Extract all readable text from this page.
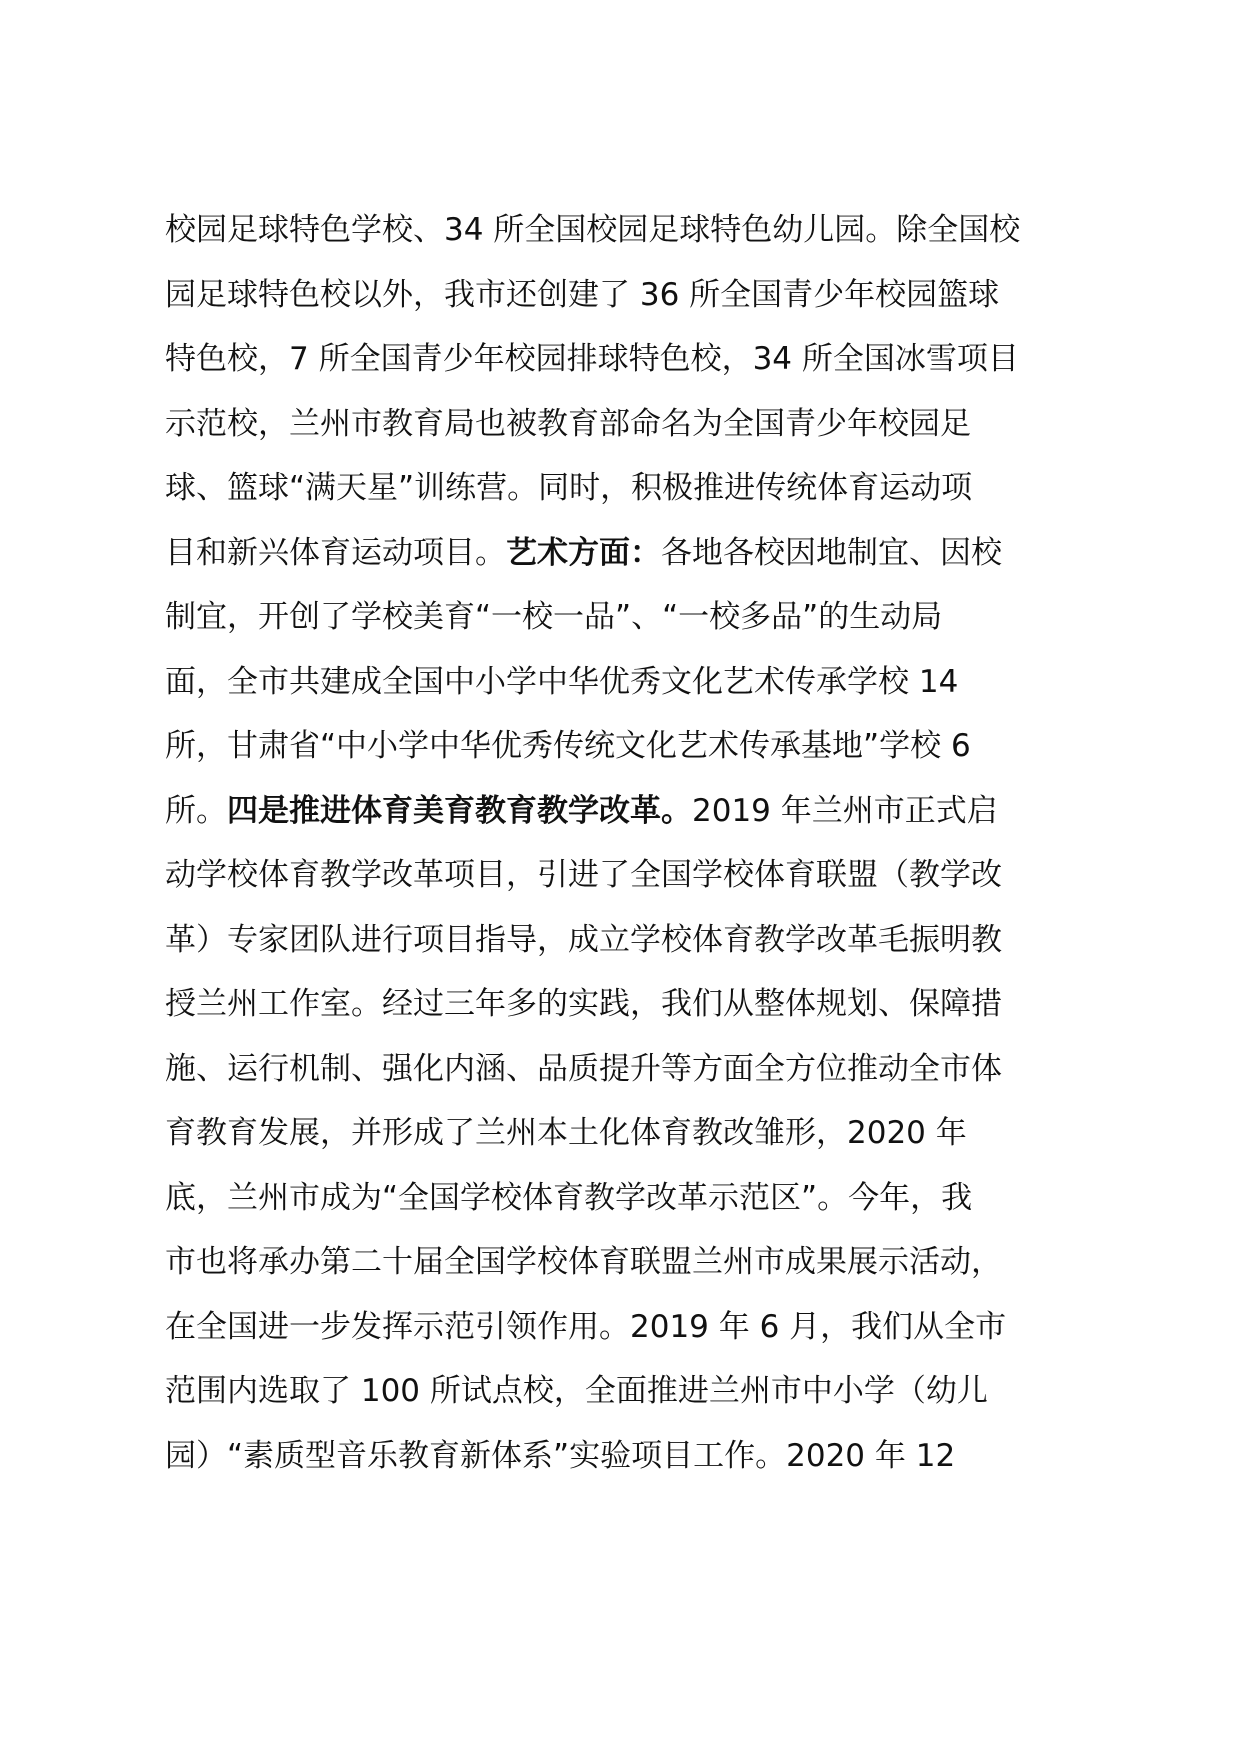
校园足球特色学校、34 所全国校园足球特色幼儿园。除全国校
园足球特色校以外，我市还创建了 36 所全国青少年校园篮球
特色校，7 所全国青少年校园排球特色校，34 所全国冰雪项目
示范校，兰州市教育局也被教育部命名为全国青少年校园足
球、篮球“满天星”训练营。同时，积极推进传统体育运动项
目和新兴体育运动项目。 艺术方面： 各地各校因地制宜、因校
制宜，开创了学校美育“一校一品”、“一校多品”的生动局
面，全市共建成全国中小学中华优秀文化艺术传承学校 14
所，甘肃省“中小学中华优秀传统文化艺术传承基地”学校 6
所。 四是推进体育美育教育教学改革。 2019 年兰州市正式启
动学校体育教学改革项目，引进了全国学校体育联盟（教学改
革）专家团队进行项目指导，成立学校体育教学改革毛振明教
授兰州工作室。经过三年多的实践，我们从整体规划、保障措
施、运行机制、强化内涵、品质提升等方面全方位推动全市体
育教育发展，并形成了兰州本土化体育教改雏形，2020 年
底，兰州市成为“全国学校体育教学改革示范区”。今年，我
市也将承办第二十届全国学校体育联盟兰州市成果展示活动，
在全国进一步发挥示范引领作用。2019 年 6 月，我们从全市
范围内选取了 100 所试点校，全面推进兰州市中小学（幼儿
园）“素质型音乐教育新体系”实验项目工作。2020 年 12
